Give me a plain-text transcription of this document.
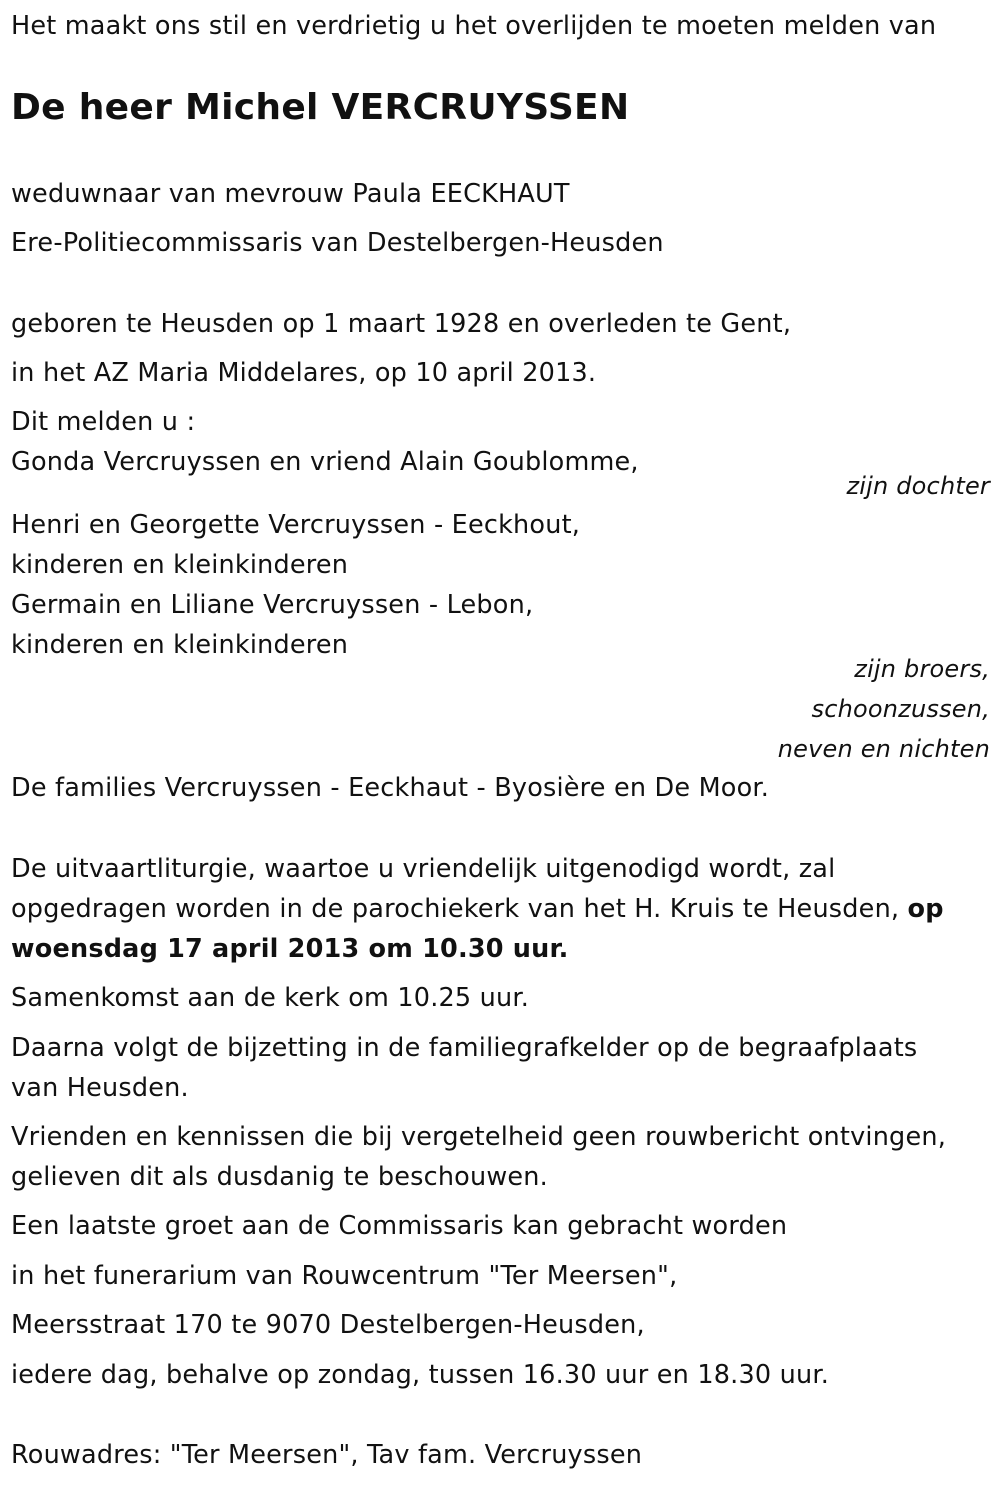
Het maakt ons stil en verdrietig u het overlijden te moeten melden van
De heer Michel VERCRUYSSEN
weduwnaar van mevrouw Paula EECKHAUT
Ere-Politiecommissaris van Destelbergen-Heusden
geboren te Heusden op 1 maart 1928 en overleden te Gent,
in het AZ Maria Middelares, op 10 april 2013.
Dit melden u :
Gonda Vercruyssen en vriend Alain Goublomme,
zijn dochter
Henri en Georgette Vercruyssen - Eeckhout,
kinderen en kleinkinderen
Germain en Liliane Vercruyssen - Lebon,
kinderen en kleinkinderen
zijn broers,
schoonzussen,
neven en nichten
De families Vercruyssen - Eeckhaut - Byosière en De Moor.
De uitvaartliturgie, waartoe u vriendelijk uitgenodigd wordt, zal
opgedragen worden in de parochiekerk van het H. Kruis te Heusden, op
woensdag 17 april 2013 om 10.30 uur.
Samenkomst aan de kerk om 10.25 uur.
Daarna volgt de bijzetting in de familiegrafkelder op de begraafplaats
van Heusden.
Vrienden en kennissen die bij vergetelheid geen rouwbericht ontvingen,
gelieven dit als dusdanig te beschouwen.
Een laatste groet aan de Commissaris kan gebracht worden
in het funerarium van Rouwcentrum "Ter Meersen",
Meersstraat 170 te 9070 Destelbergen-Heusden,
iedere dag, behalve op zondag, tussen 16.30 uur en 18.30 uur.
Rouwadres: "Ter Meersen", Tav fam. Vercruyssen
